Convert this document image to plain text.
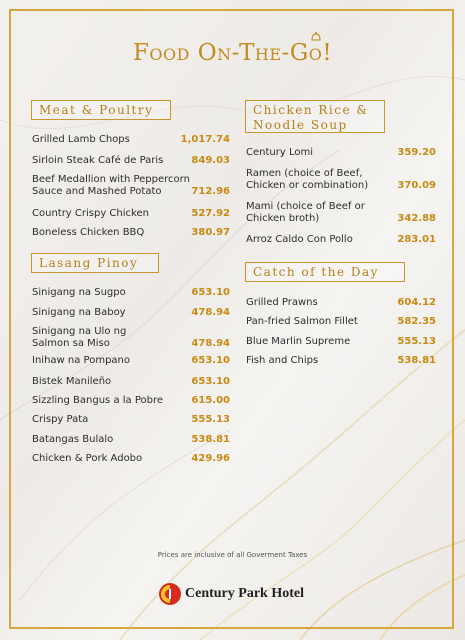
Food On-The-Go!
Meat & Poultry
Grilled Lamb Chops	1,017.74
Sirloin Steak Café de Paris	849.03
Beef Medallion with Peppercorn
Sauce and Mashed Potato	712.96
Country Crispy Chicken	527.92
Boneless Chicken BBQ	380.97
Lasang Pinoy
Sinigang na Sugpo	653.10
Sinigang na Baboy	478.94
Sinigang na Ulo ng
Salmon sa Miso	478.94
Inihaw na Pompano	653.10
Bistek Manileño	653.10
Sizzling Bangus a la Pobre	615.00
Crispy Pata	555.13
Batangas Bulalo	538.81
Chicken & Pork Adobo	429.96
Chicken Rice &
Noodle Soup
Century Lomi	359.20
Ramen (choice of Beef,
Chicken or combination)	370.09
Mami (choice of Beef or
Chicken broth)	342.88
Arroz Caldo Con Pollo	283.01
Catch of the Day
Grilled Prawns	604.12
Pan-fried Salmon Fillet	582.35
Blue Marlin Supreme	555.13
Fish and Chips	538.81
Prices are inclusive of all Goverment Taxes
Century Park Hotel
